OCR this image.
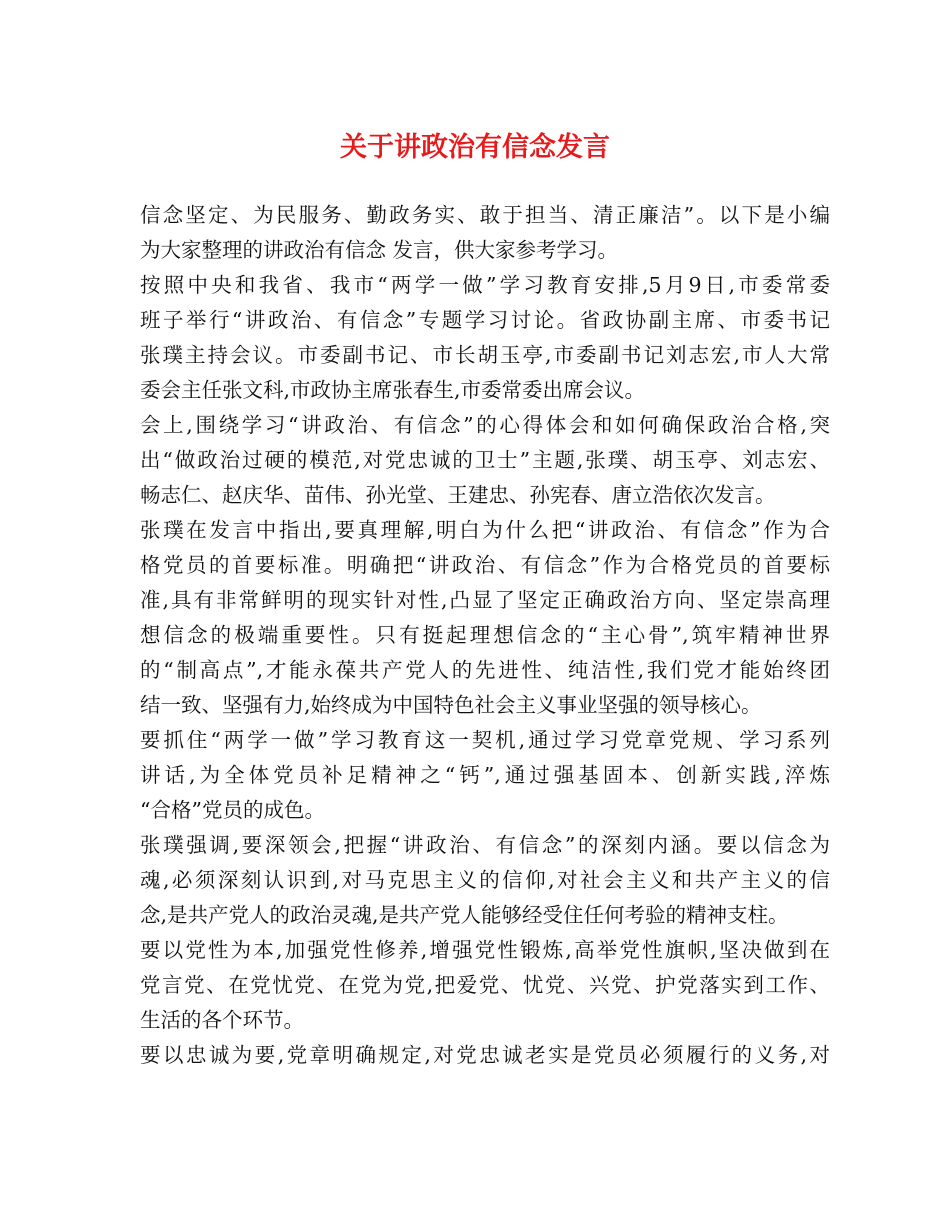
关于讲政治有信念发言
信念坚定、为民服务、勤政务实、敢于担当、清正廉洁”。以下是小编
为大家整理的讲政治有信念 发言，供大家参考学习。
按照中央和我省、我市“两学一做”学习教育安排,5月9日,市委常委
班子举行“讲政治、有信念”专题学习讨论。省政协副主席、市委书记
张璞主持会议。市委副书记、市长胡玉亭,市委副书记刘志宏,市人大常
委会主任张文科,市政协主席张春生,市委常委出席会议。
会上,围绕学习“讲政治、有信念”的心得体会和如何确保政治合格,突
出“做政治过硬的模范,对党忠诚的卫士”主题,张璞、胡玉亭、刘志宏、
畅志仁、赵庆华、苗伟、孙光堂、王建忠、孙宪春、唐立浩依次发言。
张璞在发言中指出,要真理解,明白为什么把“讲政治、有信念”作为合
格党员的首要标准。明确把“讲政治、有信念”作为合格党员的首要标
准,具有非常鲜明的现实针对性,凸显了坚定正确政治方向、坚定崇高理
想信念的极端重要性。只有挺起理想信念的“主心骨”,筑牢精神世界
的“制高点”,才能永葆共产党人的先进性、纯洁性,我们党才能始终团
结一致、坚强有力,始终成为中国特色社会主义事业坚强的领导核心。
要抓住“两学一做”学习教育这一契机,通过学习党章党规、学习系列
讲话,为全体党员补足精神之“钙”,通过强基固本、创新实践,淬炼
“合格”党员的成色。
张璞强调,要深领会,把握“讲政治、有信念”的深刻内涵。要以信念为
魂,必须深刻认识到,对马克思主义的信仰,对社会主义和共产主义的信
念,是共产党人的政治灵魂,是共产党人能够经受住任何考验的精神支柱。
要以党性为本,加强党性修养,增强党性锻炼,高举党性旗帜,坚决做到在
党言党、在党忧党、在党为党,把爱党、忧党、兴党、护党落实到工作、
生活的各个环节。
要以忠诚为要,党章明确规定,对党忠诚老实是党员必须履行的义务,对
